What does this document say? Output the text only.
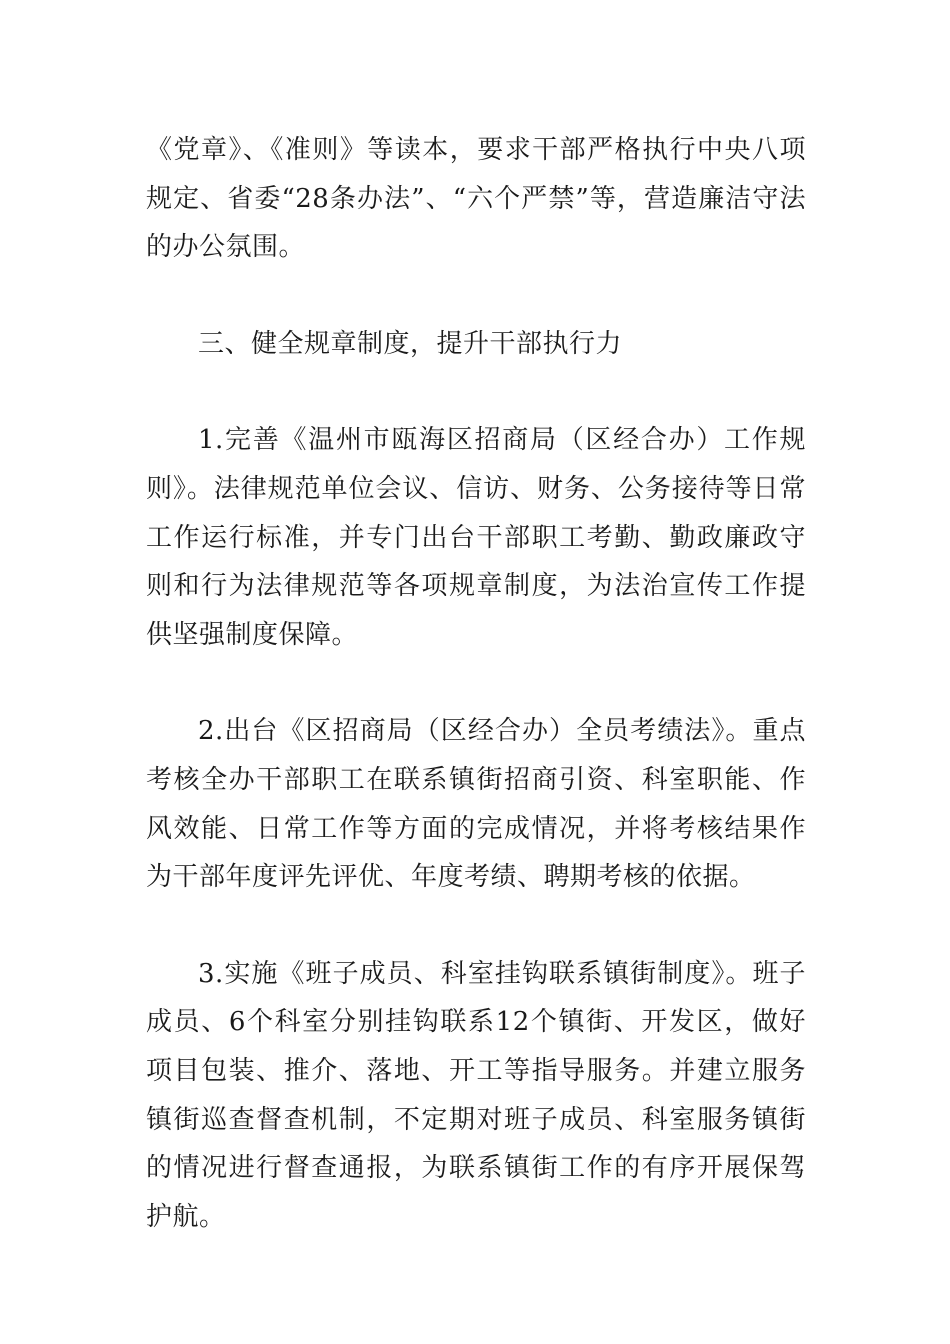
《党章》、《准则》等读本，要求干部严格执行中央八项规定、省委“28条办法”、“六个严禁”等，营造廉洁守法的办公氛围。

三、健全规章制度，提升干部执行力

1.完善《温州市瓯海区招商局（区经合办）工作规则》。法律规范单位会议、信访、财务、公务接待等日常工作运行标准，并专门出台干部职工考勤、勤政廉政守则和行为法律规范等各项规章制度，为法治宣传工作提供坚强制度保障。

2.出台《区招商局（区经合办）全员考绩法》。重点考核全办干部职工在联系镇街招商引资、科室职能、作风效能、日常工作等方面的完成情况，并将考核结果作为干部年度评先评优、年度考绩、聘期考核的依据。

3.实施《班子成员、科室挂钩联系镇街制度》。班子成员、6个科室分别挂钩联系12个镇街、开发区，做好项目包装、推介、落地、开工等指导服务。并建立服务镇街巡查督查机制，不定期对班子成员、科室服务镇街的情况进行督查通报，为联系镇街工作的有序开展保驾护航。
